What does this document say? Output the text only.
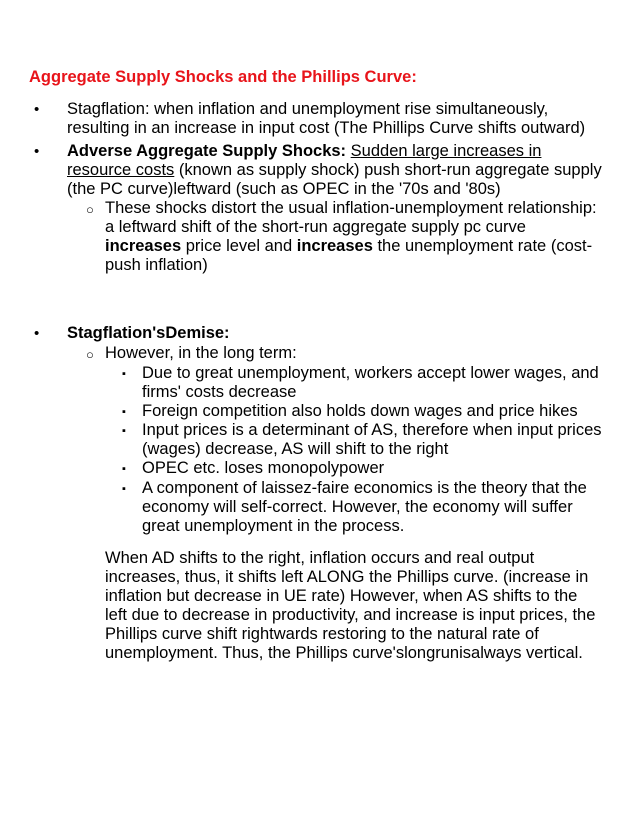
Aggregate Supply Shocks and the Phillips Curve:
• Stagflation: when inflation and unemployment rise simultaneously,
resulting in an increase in input cost (The Phillips Curve shifts outward)
• Adverse Aggregate Supply Shocks: Sudden large increases in
resource costs (known as supply shock) push short-run aggregate supply
(the PC curve)leftward (such as OPEC in the '70s and '80s)
○ These shocks distort the usual inflation-unemployment relationship:
a leftward shift of the short-run aggregate supply pc curve
increases price level and increases the unemployment rate (cost-
push inflation)
• Stagflation'sDemise:
○ However, in the long term:
▪ Due to great unemployment, workers accept lower wages, and
firms' costs decrease
▪ Foreign competition also holds down wages and price hikes
▪ Input prices is a determinant of AS, therefore when input prices
(wages) decrease, AS will shift to the right
▪ OPEC etc. loses monopolypower
▪ A component of laissez-faire economics is the theory that the
economy will self-correct. However, the economy will suffer
great unemployment in the process.
When AD shifts to the right, inflation occurs and real output
increases, thus, it shifts left ALONG the Phillips curve. (increase in
inflation but decrease in UE rate) However, when AS shifts to the
left due to decrease in productivity, and increase is input prices, the
Phillips curve shift rightwards restoring to the natural rate of
unemployment. Thus, the Phillips curve'slongrunisalways vertical.
